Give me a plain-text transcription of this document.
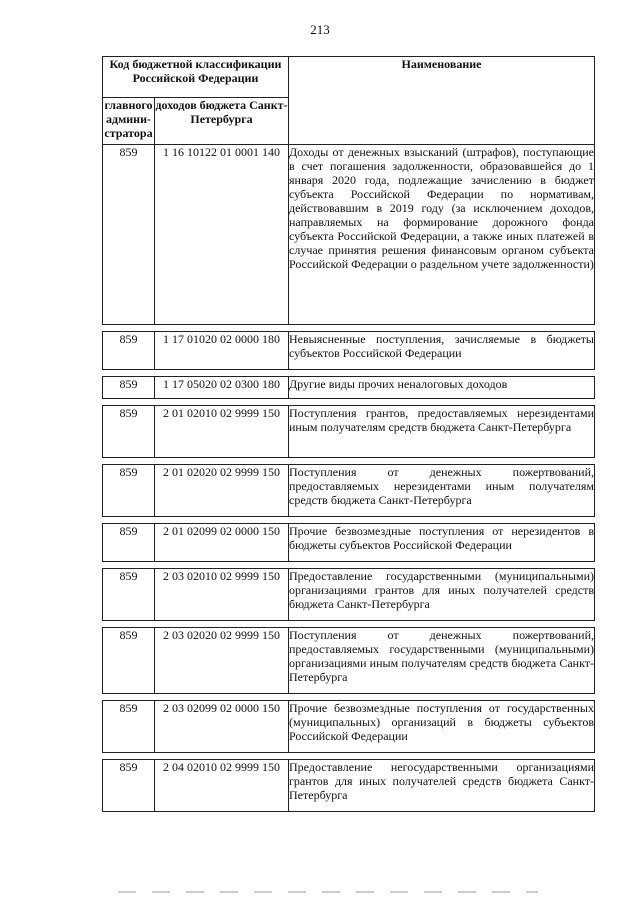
213
Код бюджетной классификации Российской Федерации		Наименование
главного админи-стратора	доходов бюджета Санкт-Петербурга	
859	1 16 10122 01 0001 140	Доходы от денежных взысканий (штрафов), поступающие в счет погашения задолженности, образовавшейся до 1 января 2020 года, подлежащие зачислению в бюджет субъекта Российской Федерации по нормативам, действовавшим в 2019 году (за исключением доходов, направляемых на формирование дорожного фонда субъекта Российской Федерации, а также иных платежей в случае принятия решения финансовым органом субъекта Российской Федерации о раздельном учете задолженности)

859	1 17 01020 02 0000 180	Невыясненные поступления, зачисляемые в бюджеты субъектов Российской Федерации

859	1 17 05020 02 0300 180	Другие виды прочих неналоговых доходов

859	2 01 02010 02 9999 150	Поступления грантов, предоставляемых нерезидентами иным получателям средств бюджета Санкт-Петербурга

859	2 01 02020 02 9999 150	Поступления от денежных пожертвований, предоставляемых нерезидентами иным получателям средств бюджета Санкт-Петербурга

859	2 01 02099 02 0000 150	Прочие безвозмездные поступления от нерезидентов в бюджеты субъектов Российской Федерации

859	2 03 02010 02 9999 150	Предоставление государственными (муниципальными) организациями грантов для иных получателей средств бюджета Санкт-Петербурга

859	2 03 02020 02 9999 150	Поступления от денежных пожертвований, предоставляемых государственными (муниципальными) организациями иным получателям средств бюджета Санкт-Петербурга

859	2 03 02099 02 0000 150	Прочие безвозмездные поступления от государственных (муниципальных) организаций в бюджеты субъектов Российской Федерации

859	2 04 02010 02 9999 150	Предоставление негосударственными организациями грантов для иных получателей средств бюджета Санкт-Петербурга
